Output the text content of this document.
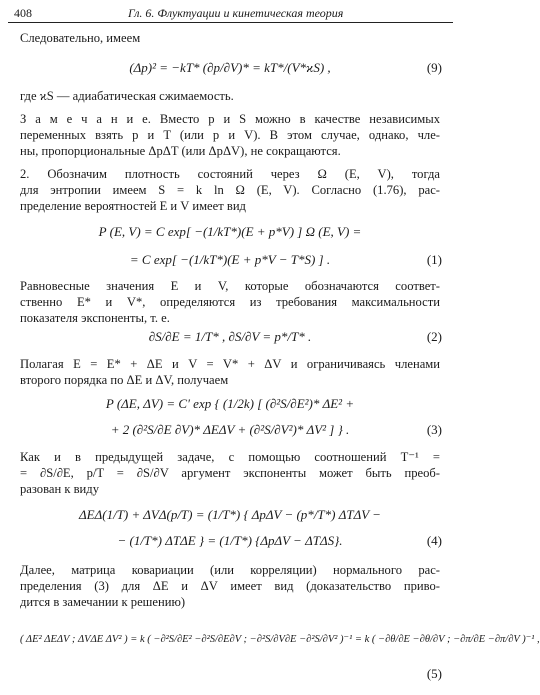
408	Гл. 6. Флуктуации и кинетическая теория
Следовательно, имеем
(Δp)² = −kT* (∂p/∂V)* = kT*/(V*ϰS) ,	(9)
где ϰS — адиабатическая сжимаемость.
З а м е ч а н и е. Вместо p и S можно в качестве независимых
переменных взять p и T (или p и V). В этом случае, однако, чле-
ны, пропорциональные ΔpΔT (или ΔpΔV), не сокращаются.
2. Обозначим плотность состояний через Ω (E, V), тогда
для энтропии имеем S = k ln Ω (E, V). Согласно (1.76), рас-
пределение вероятностей E и V имеет вид
P (E, V) = C exp[ −(1/kT*)(E + p*V) ] Ω (E, V) =
= C exp[ −(1/kT*)(E + p*V − T*S) ] .	(1)
Равновесные значения E и V, которые обозначаются соответ-
ственно E* и V*, определяются из требования максимальности
показателя экспоненты, т. е.
∂S/∂E = 1/T* , ∂S/∂V = p*/T* .	(2)
Полагая E = E* + ΔE и V = V* + ΔV и ограничиваясь членами
второго порядка по ΔE и ΔV, получаем
P (ΔE, ΔV) = C′ exp { (1/2k) [ (∂²S/∂E²)* ΔE² +
+ 2 (∂²S/∂E ∂V)* ΔEΔV + (∂²S/∂V²)* ΔV² ] } .	(3)
Как и в предыдущей задаче, с помощью соотношений T⁻¹ =
= ∂S/∂E, p/T = ∂S/∂V аргумент экспоненты может быть преоб-
разован к виду
ΔEΔ(1/T) + ΔVΔ(p/T) = (1/T*) { ΔpΔV − (p*/T*) ΔTΔV −
− (1/T*) ΔTΔE } = (1/T*) {ΔpΔV − ΔTΔS}.	(4)
Далее, матрица ковариации (или корреляции) нормального рас-
пределения (3) для ΔE и ΔV имеет вид (доказательство приво-
дится в замечании к решению)
( ΔE² ΔEΔV ; ΔVΔE ΔV² ) = k ( −∂²S/∂E² −∂²S/∂E∂V ; −∂²S/∂V∂E −∂²S/∂V² )⁻¹ = k ( −∂θ/∂E −∂θ/∂V ; −∂π/∂E −∂π/∂V )⁻¹ ,
(5)
